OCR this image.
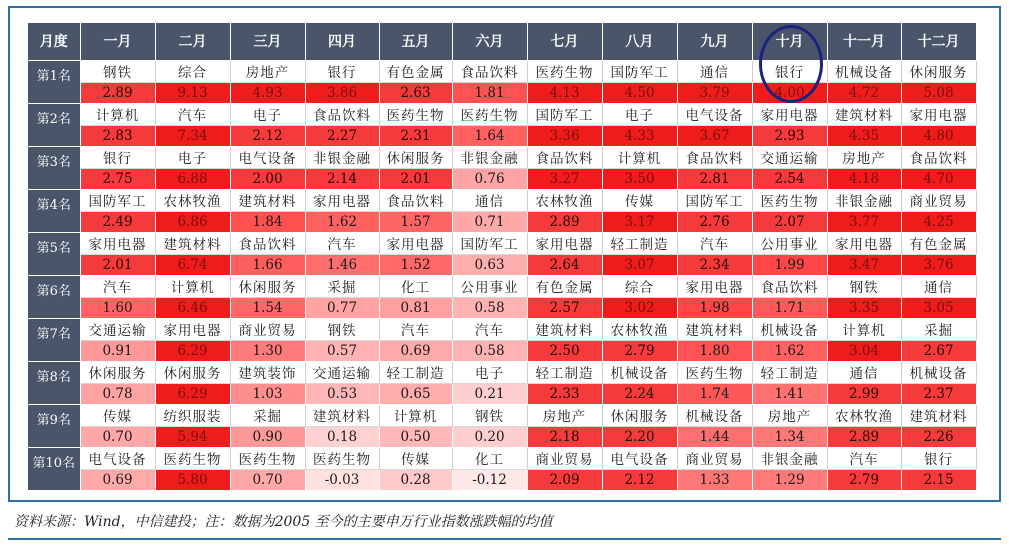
月度	一月	二月	三月	四月	五月	六月	七月	八月	九月	十月	十一月	十二月
第1名	钢铁	综合	房地产	银行	有色金属	食品饮料	医药生物	国防军工	通信	银行	机械设备	休闲服务
	2.89	9.13	4.93	3.86	2.63	1.81	4.13	4.50	3.79	4.00	4.72	5.08
第2名	计算机	汽车	电子	食品饮料	医药生物	医药生物	国防军工	电子	电气设备	家用电器	建筑材料	家用电器
	2.83	7.34	2.12	2.27	2.31	1.64	3.36	4.33	3.67	2.93	4.35	4.80
第3名	银行	电子	电气设备	非银金融	休闲服务	非银金融	食品饮料	计算机	食品饮料	交通运输	房地产	食品饮料
	2.75	6.88	2.00	2.14	2.01	0.76	3.27	3.50	2.81	2.54	4.18	4.70
第4名	国防军工	农林牧渔	建筑材料	家用电器	食品饮料	通信	农林牧渔	传媒	国防军工	医药生物	非银金融	商业贸易
	2.49	6.86	1.84	1.62	1.57	0.71	2.89	3.17	2.76	2.07	3.77	4.25
第5名	家用电器	建筑材料	食品饮料	汽车	家用电器	国防军工	家用电器	轻工制造	汽车	公用事业	家用电器	有色金属
	2.01	6.74	1.66	1.46	1.52	0.63	2.64	3.07	2.34	1.99	3.47	3.76
第6名	汽车	计算机	休闲服务	采掘	化工	公用事业	有色金属	综合	家用电器	食品饮料	钢铁	通信
	1.60	6.46	1.54	0.77	0.81	0.58	2.57	3.02	1.98	1.71	3.35	3.05
第7名	交通运输	家用电器	商业贸易	钢铁	汽车	汽车	建筑材料	农林牧渔	建筑材料	机械设备	计算机	采掘
	0.91	6.29	1.30	0.57	0.69	0.58	2.50	2.79	1.80	1.62	3.04	2.67
第8名	休闲服务	休闲服务	建筑装饰	交通运输	轻工制造	电子	轻工制造	机械设备	医药生物	轻工制造	通信	机械设备
	0.78	6.29	1.03	0.53	0.65	0.21	2.33	2.24	1.74	1.41	2.99	2.37
第9名	传媒	纺织服装	采掘	建筑材料	计算机	钢铁	房地产	休闲服务	机械设备	房地产	农林牧渔	建筑材料
	0.70	5.94	0.90	0.18	0.50	0.20	2.18	2.20	1.44	1.34	2.89	2.26
第10名	电气设备	医药生物	医药生物	医药生物	传媒	化工	商业贸易	电气设备	商业贸易	非银金融	汽车	银行
	0.69	5.80	0.70	-0.03	0.28	-0.12	2.09	2.12	1.33	1.29	2.79	2.15
资料来源：Wind，中信建投；注：数据为2005 至今的主要申万行业指数涨跌幅的均值
